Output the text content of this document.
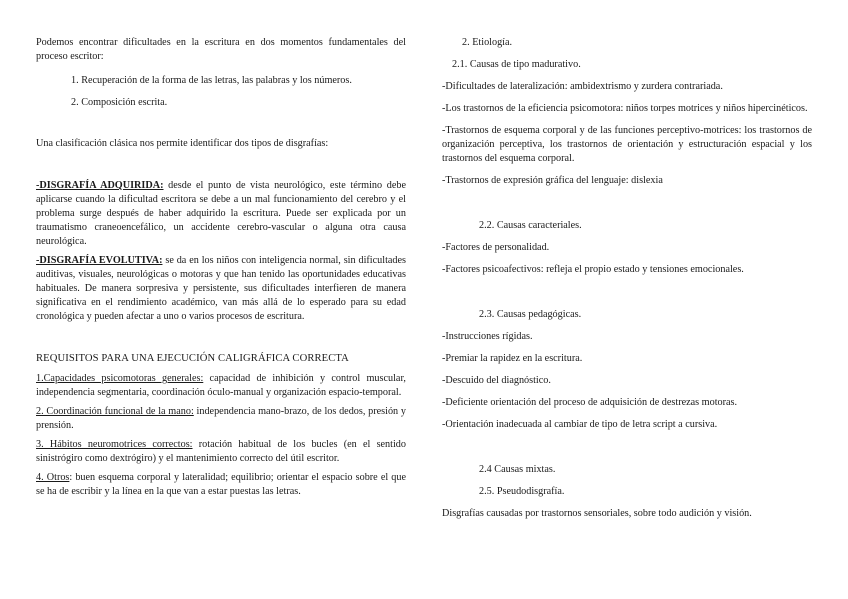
Podemos encontrar dificultades en la escritura en dos momentos fundamentales del proceso escritor:

1. Recuperación de la forma de las letras, las palabras y los números.

2. Composición escrita.

Una clasificación clásica nos permite identificar dos tipos de disgrafías:

-DISGRAFÍA ADQUIRIDA: desde el punto de vista neurológico, este término debe aplicarse cuando la dificultad escritora se debe a un mal funcionamiento del cerebro y el problema surge después de haber adquirido la escritura. Puede ser explicada por un traumatismo craneoencefálico, un accidente cerebro-vascular o alguna otra causa neurológica.

-DISGRAFÍA EVOLUTIVA: se da en los niños con inteligencia normal, sin dificultades auditivas, visuales, neurológicas o motoras y que han tenido las oportunidades educativas habituales. De manera sorpresiva y persistente, sus dificultades interfieren de manera significativa en el rendimiento académico, van más allá de lo esperado para su edad cronológica y pueden afectar a uno o varios procesos de escritura.

REQUISITOS PARA UNA EJECUCIÓN CALIGRÁFICA CORRECTA

1.Capacidades psicomotoras generales: capacidad de inhibición y control muscular, independencia segmentaria, coordinación óculo-manual y organización espacio-temporal.

2. Coordinación funcional de la mano: independencia mano-brazo, de los dedos, presión y prensión.

3. Hábitos neuromotrices correctos: rotación habitual de los bucles (en el sentido sinistrógiro como dextrógiro) y el mantenimiento correcto del útil escritor.

4. Otros: buen esquema corporal y lateralidad; equilibrio; orientar el espacio sobre el que se ha de escribir y la línea en la que van a estar puestas las letras.

2. Etiología.

2.1. Causas de tipo madurativo.

-Dificultades de lateralización: ambidextrismo y zurdera contrariada.

-Los trastornos de la eficiencia psicomotora: niños torpes motrices y niños hipercinéticos.

-Trastornos de esquema corporal y de las funciones perceptivo-motrices: los trastornos de organización perceptiva, los trastornos de orientación y estructuración espacial y los trastornos del esquema corporal.

-Trastornos de expresión gráfica del lenguaje: dislexia

2.2. Causas caracteriales.

-Factores de personalidad.

-Factores psicoafectivos: refleja el propio estado y tensiones emocionales.

2.3. Causas pedagógicas.

-Instrucciones rígidas.

-Premiar la rapidez en la escritura.

-Descuido del diagnóstico.

-Deficiente orientación del proceso de adquisición de destrezas motoras.

-Orientación inadecuada al cambiar de tipo de letra script a cursiva.

2.4 Causas mixtas.

2.5. Pseudodisgrafía.

Disgrafías causadas por trastornos sensoriales, sobre todo audición y visión.
